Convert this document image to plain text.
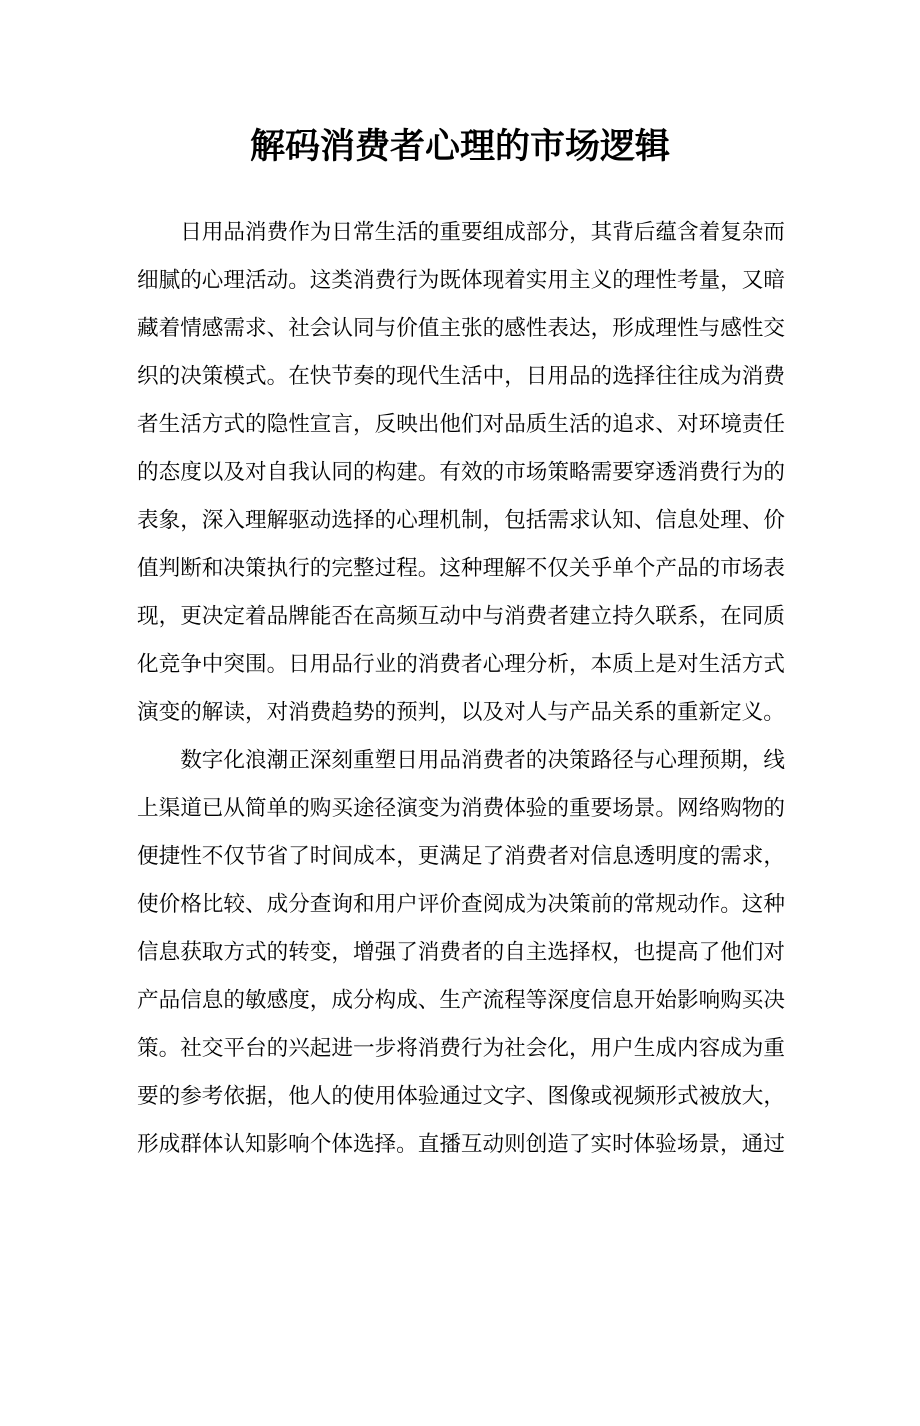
解码消费者心理的市场逻辑

日用品消费作为日常生活的重要组成部分，其背后蕴含着复杂而细腻的心理活动。这类消费行为既体现着实用主义的理性考量，又暗藏着情感需求、社会认同与价值主张的感性表达，形成理性与感性交织的决策模式。在快节奏的现代生活中，日用品的选择往往成为消费者生活方式的隐性宣言，反映出他们对品质生活的追求、对环境责任的态度以及对自我认同的构建。有效的市场策略需要穿透消费行为的表象，深入理解驱动选择的心理机制，包括需求认知、信息处理、价值判断和决策执行的完整过程。这种理解不仅关乎单个产品的市场表现，更决定着品牌能否在高频互动中与消费者建立持久联系，在同质化竞争中突围。日用品行业的消费者心理分析，本质上是对生活方式演变的解读，对消费趋势的预判，以及对人与产品关系的重新定义。

数字化浪潮正深刻重塑日用品消费者的决策路径与心理预期，线上渠道已从简单的购买途径演变为消费体验的重要场景。网络购物的便捷性不仅节省了时间成本，更满足了消费者对信息透明度的需求，使价格比较、成分查询和用户评价查阅成为决策前的常规动作。这种信息获取方式的转变，增强了消费者的自主选择权，也提高了他们对产品信息的敏感度，成分构成、生产流程等深度信息开始影响购买决策。社交平台的兴起进一步将消费行为社会化，用户生成内容成为重要的参考依据，他人的使用体验通过文字、图像或视频形式被放大，形成群体认知影响个体选择。直播互动则创造了实时体验场景，通过
